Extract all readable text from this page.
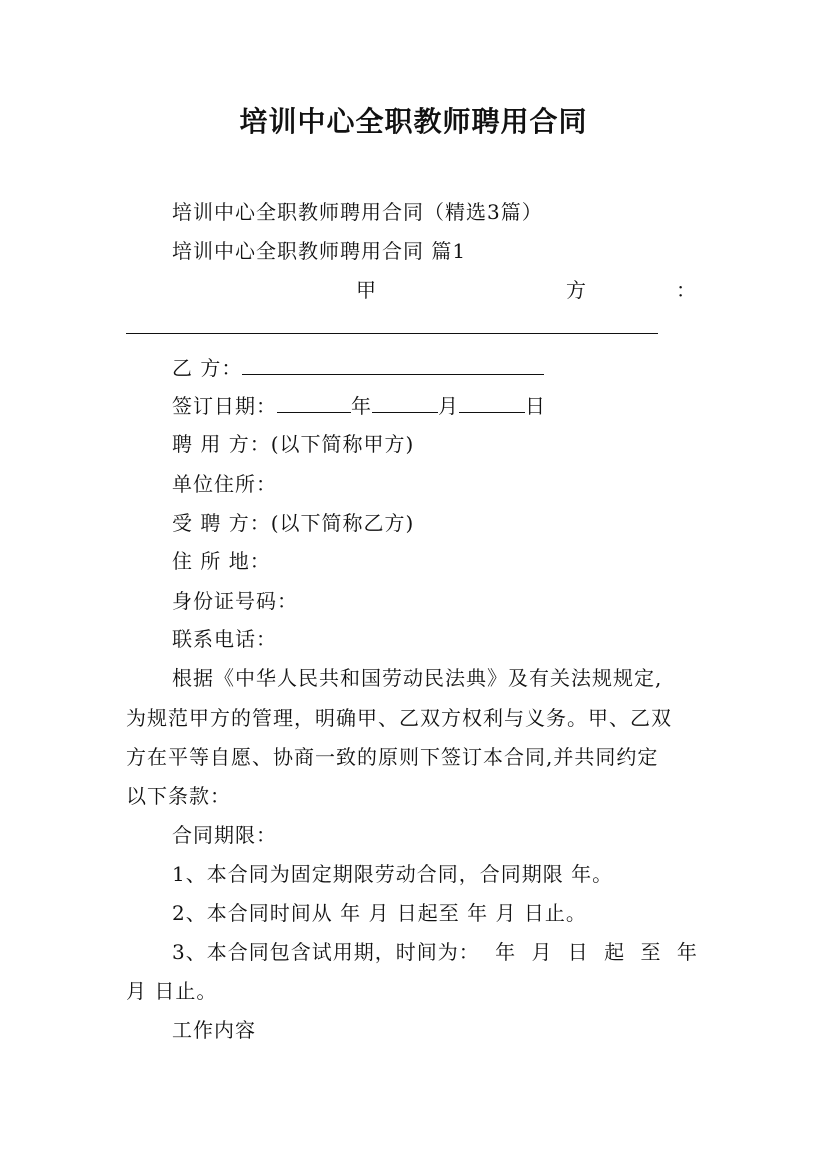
培训中心全职教师聘用合同
培训中心全职教师聘用合同（精选3篇）
培训中心全职教师聘用合同 篇1
甲	方	：
乙 方：
签订日期：	年	月	日
聘 用 方：(以下简称甲方)
单位住所：
受 聘 方：(以下简称乙方)
住 所 地：
身份证号码：
联系电话：
根据《中华人民共和国劳动民法典》及有关法规规定,
为规范甲方的管理，明确甲、乙双方权利与义务。甲、乙双
方在平等自愿、协商一致的原则下签订本合同,并共同约定
以下条款：
合同期限：
1、本合同为固定期限劳动合同，合同期限 年。
2、本合同时间从 年 月 日起至 年 月 日止。
3、本合同包含试用期，时间为： 年 月 日 起 至 年
月 日止。
工作内容
